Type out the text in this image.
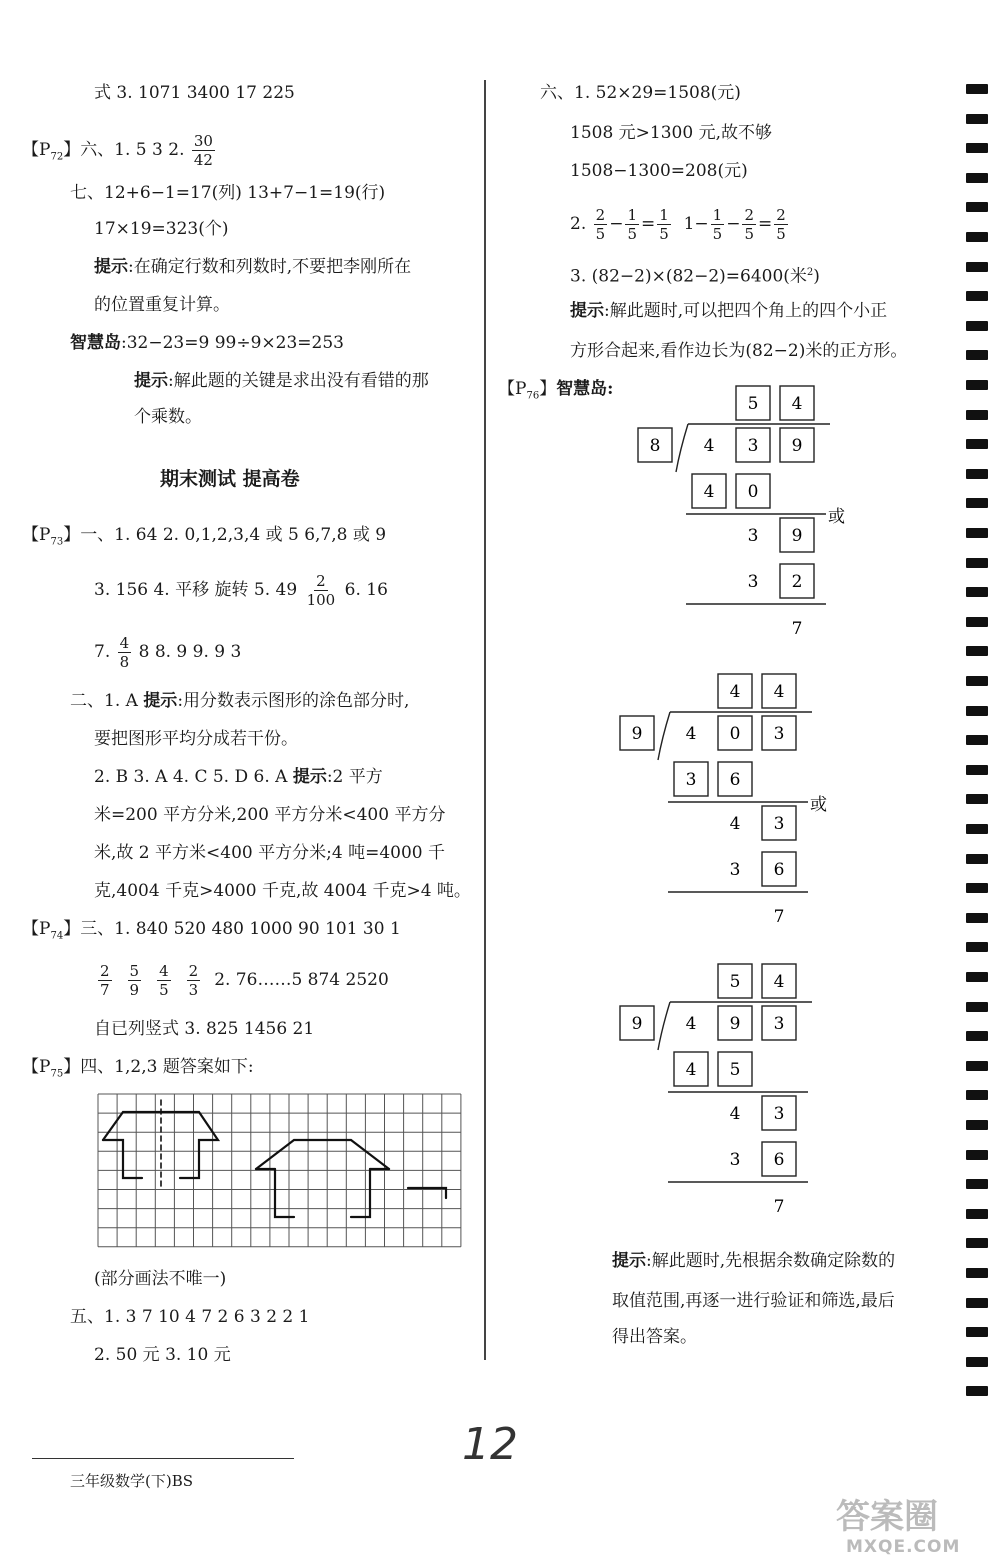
式 3. 1071 3400 17 225
【$P_{72}$】六、1. 5 3 2. $\frac{30}{42}$
七、12+6−1=17(列) 13+7−1=19(行)
17×19=323(个)
提示:在确定行数和列数时,不要把李刚所在
的位置重复计算。
智慧岛:32−23=9 99÷9×23=253
提示:解此题的关键是求出没有看错的那
个乘数。
期末测试 提高卷
【$P_{73}$】一、1. 64 2. 0,1,2,3,4 或 5 6,7,8 或 9
3. 156 4. 平移 旋转 5. $49 \frac{2}{100} 6$. 16
7. $\frac{4}{8} 8$ 8. 9 9. 9 3
二、1. A 提示:用分数表示图形的涂色部分时,
要把图形平均分成若干份。
2. B 3. A 4. C 5. D 6. A 提示:2 平方
米=200 平方分米,200 平方分米<400 平方分
米,故 2 平方米<400 平方分米;4 吨=4000 千
克,4004 千克>4000 千克,故 4004 千克>4 吨。
【$P_{74}$】三、1. 840 520 480 1000 90 101 30 1
$\frac{2}{7} \frac{5}{9} \frac{4}{5} \frac{2}{3} 2$. 76……5 874 2520
自已列竖式 3. 825 1456 21
【$P_{75}$】四、1,2,3 题答案如下:
(部分画法不唯一)
五、1. 3 7 10 4 7 2 6 3 2 2 1
2. 50 元 3. 10 元
六、1. 52×29=1508(元)
1508 元>1300 元,故不够
1508−1300=208(元)
2. $\frac{2}{5} - \frac{1}{5} = \frac{1}{5} 1- \frac{1}{5} - \frac{2}{5} = \frac{2}{5}$
3. (82−2)×(82−2)=6400(米$^2$)
提示:解此题时,可以把四个角上的四个小正
方形合起来,看作边长为(82−2)米的正方形。
【$P_{76}$】智慧岛:
5 4
8	4 3 9
4 0
3 9
3 2
7
或
4 4
9	4 0 3
3 6
4 3
3 6
7
或
5 4
9	4 9 3
4 5
4 3
3 6
7
提示:解此题时,先根据余数确定除数的
取值范围,再逐一进行验证和筛选,最后
得出答案。
三年级数学(下)BS
12
答案圈
MXQE.COM
